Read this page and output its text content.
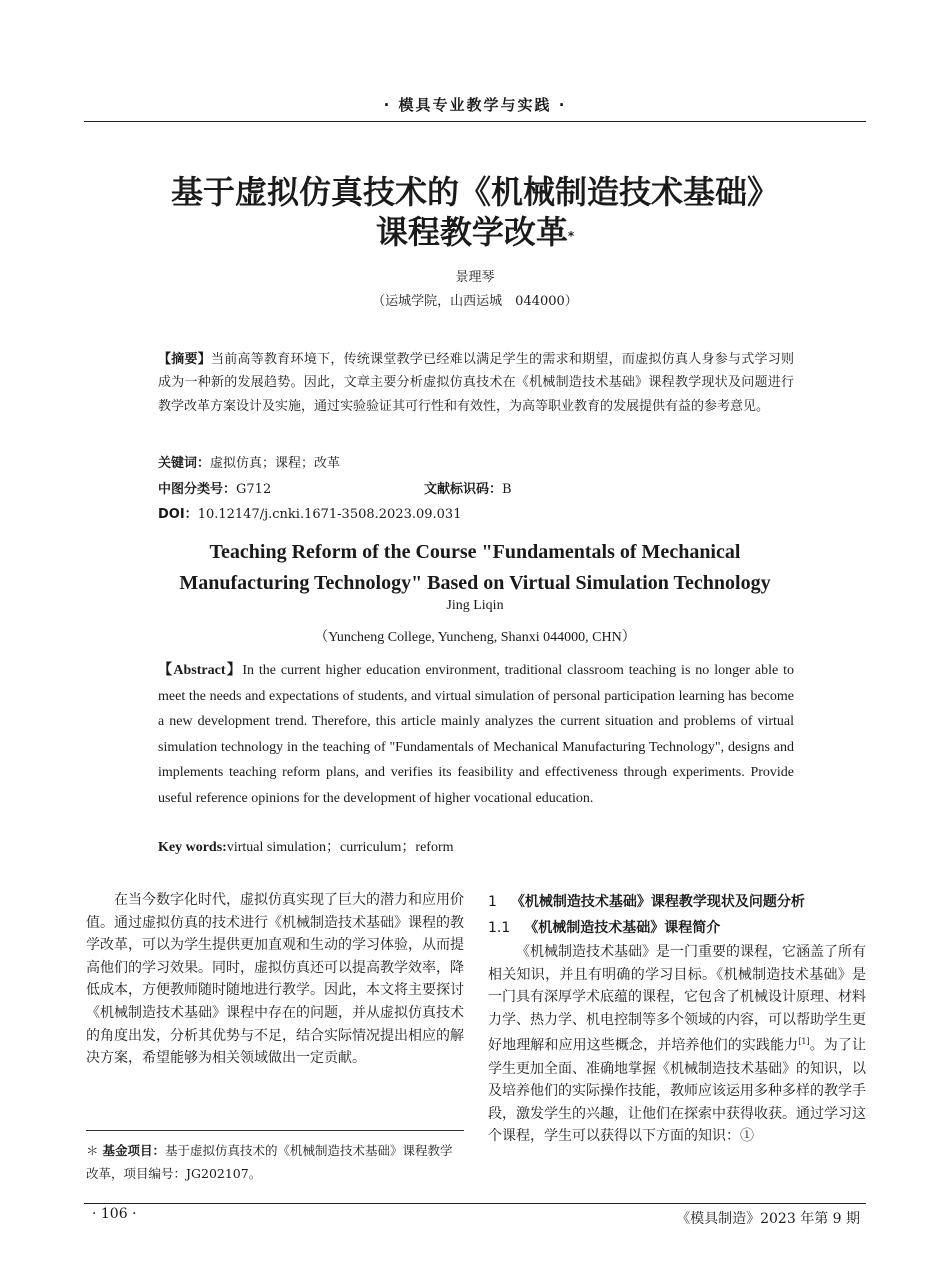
· 模具专业教学与实践 ·
基于虚拟仿真技术的《机械制造技术基础》
课程教学改革*
景理琴
（运城学院，山西运城　044000）
【摘要】当前高等教育环境下，传统课堂教学已经难以满足学生的需求和期望，而虚拟仿真人身参与式学习则成为一种新的发展趋势。因此，文章主要分析虚拟仿真技术在《机械制造技术基础》课程教学现状及问题进行教学改革方案设计及实施，通过实验验证其可行性和有效性，为高等职业教育的发展提供有益的参考意见。
关键词：虚拟仿真；课程；改革
中图分类号：G712	文献标识码：B
DOI：10.12147/j.cnki.1671-3508.2023.09.031
Teaching Reform of the Course "Fundamentals of Mechanical
Manufacturing Technology" Based on Virtual Simulation Technology
Jing Liqin
（Yuncheng College, Yuncheng, Shanxi 044000, CHN）
【Abstract】In the current higher education environment, traditional classroom teaching is no longer able to meet the needs and expectations of students, and virtual simulation of personal participation learning has become a new development trend. Therefore, this article mainly analyzes the current situation and problems of virtual simulation technology in the teaching of "Fundamentals of Mechanical Manufacturing Technology", designs and implements teaching reform plans, and verifies its feasibility and effectiveness through experiments. Provide useful reference opinions for the development of higher vocational education.
Key words:virtual simulation；curriculum；reform

在当今数字化时代，虚拟仿真实现了巨大的潜力和应用价值。通过虚拟仿真的技术进行《机械制造技术基础》课程的教学改革，可以为学生提供更加直观和生动的学习体验，从而提高他们的学习效果。同时，虚拟仿真还可以提高教学效率，降低成本，方便教师随时随地进行教学。因此，本文将主要探讨《机械制造技术基础》课程中存在的问题，并从虚拟仿真技术的角度出发，分析其优势与不足，结合实际情况提出相应的解决方案，希望能够为相关领域做出一定贡献。

＊ 基金项目：基于虚拟仿真技术的《机械制造技术基础》课程教学改革，项目编号：JG202107。
1 《机械制造技术基础》课程教学现状及问题分析
1.1 《机械制造技术基础》课程简介

《机械制造技术基础》是一门重要的课程，它涵盖了所有相关知识，并且有明确的学习目标。《机械制造技术基础》是一门具有深厚学术底蕴的课程，它包含了机械设计原理、材料力学、热力学、机电控制等多个领域的内容，可以帮助学生更好地理解和应用这些概念，并培养他们的实践能力[1]。为了让学生更加全面、准确地掌握《机械制造技术基础》的知识，以及培养他们的实际操作技能，教师应该运用多种多样的教学手段，激发学生的兴趣，让他们在探索中获得收获。通过学习这个课程，学生可以获得以下方面的知识：①

· 106 ·	《模具制造》2023 年第 9 期
